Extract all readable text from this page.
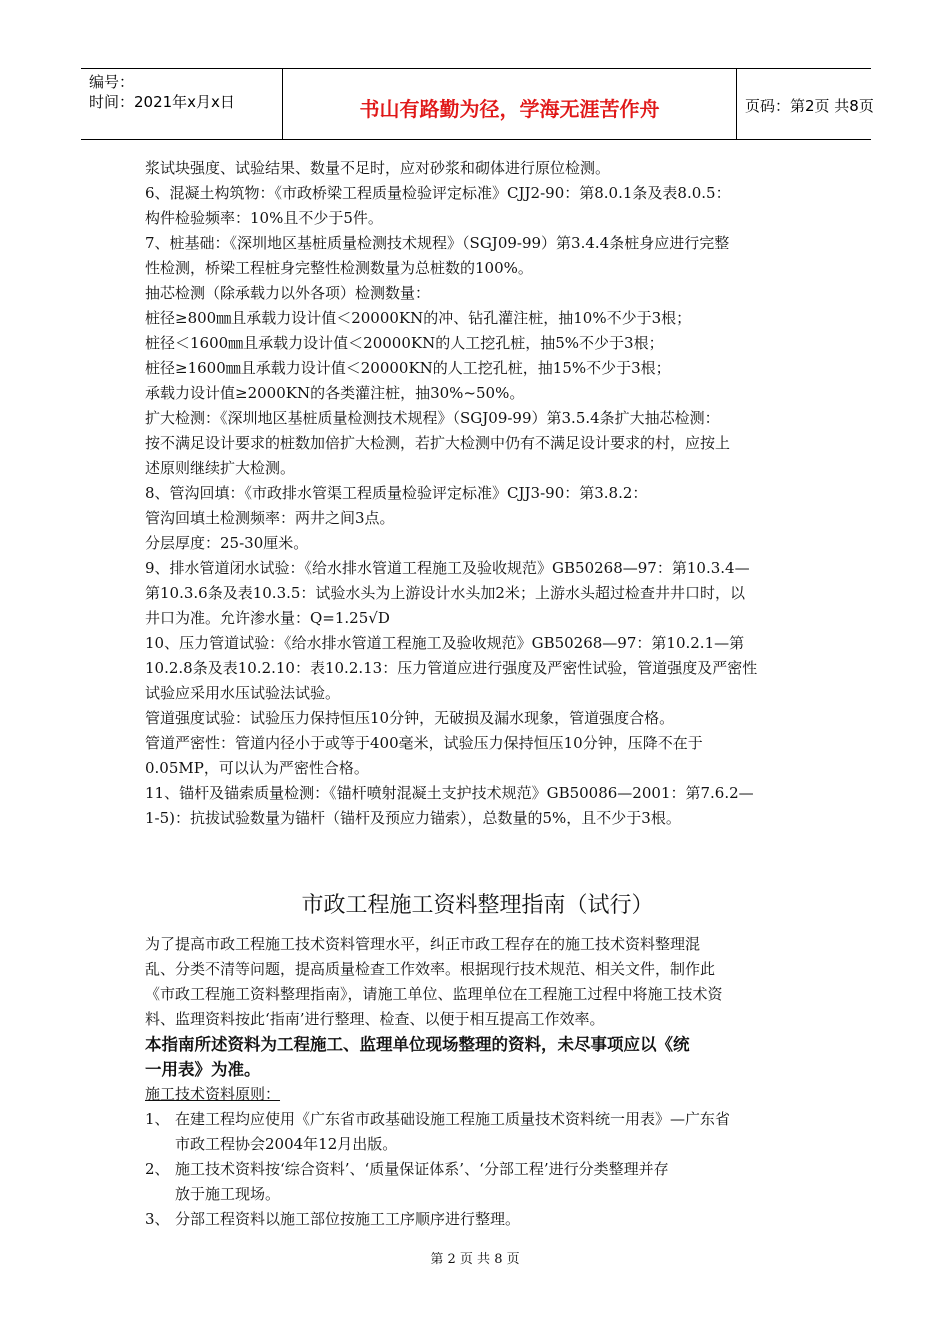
编号：
时间：2021年x月x日	书山有路勤为径，学海无涯苦作舟	页码：第2页 共8页

浆试块强度、试验结果、数量不足时，应对砂浆和砌体进行原位检测。

6、混凝土构筑物：《市政桥梁工程质量检验评定标准》CJJ2-90：第8.0.1条及表8.0.5：

构件检验频率：10%且不少于5件。

7、桩基础：《深圳地区基桩质量检测技术规程》（SGJ09-99）第3.4.4条桩身应进行完整

性检测，桥梁工程桩身完整性检测数量为总桩数的100%。

抽芯检测（除承载力以外各项）检测数量：

桩径≥800㎜且承载力设计值＜20000KN的冲、钻孔灌注桩，抽10%不少于3根；

桩径＜1600㎜且承载力设计值＜20000KN的人工挖孔桩，抽5%不少于3根；

桩径≥1600㎜且承载力设计值＜20000KN的人工挖孔桩，抽15%不少于3根；

承载力设计值≥2000KN的各类灌注桩，抽30%~50%。

扩大检测：《深圳地区基桩质量检测技术规程》（SGJ09-99）第3.5.4条扩大抽芯检测：

按不满足设计要求的桩数加倍扩大检测，若扩大检测中仍有不满足设计要求的村，应按上

述原则继续扩大检测。

8、管沟回填：《市政排水管渠工程质量检验评定标准》CJJ3-90：第3.8.2：

管沟回填土检测频率：两井之间3点。

分层厚度：25-30厘米。

9、排水管道闭水试验：《给水排水管道工程施工及验收规范》GB50268—97：第10.3.4—

第10.3.6条及表10.3.5：试验水头为上游设计水头加2米；上游水头超过检查井井口时，以

井口为准。允许渗水量：Q=1.25√D

10、压力管道试验：《给水排水管道工程施工及验收规范》GB50268—97：第10.2.1—第

10.2.8条及表10.2.10：表10.2.13：压力管道应进行强度及严密性试验，管道强度及严密性

试验应采用水压试验法试验。

管道强度试验：试验压力保持恒压10分钟，无破损及漏水现象，管道强度合格。

管道严密性：管道内径小于或等于400毫米，试验压力保持恒压10分钟，压降不在于

0.05MP，可以认为严密性合格。

11、锚杆及锚索质量检测：《锚杆喷射混凝土支护技术规范》GB50086—2001：第7.6.2—

1-5)：抗拔试验数量为锚杆（锚杆及预应力锚索），总数量的5%，且不少于3根。

市政工程施工资料整理指南（试行）

为了提高市政工程施工技术资料管理水平，纠正市政工程存在的施工技术资料整理混

乱、分类不清等问题，提高质量检查工作效率。根据现行技术规范、相关文件，制作此

《市政工程施工资料整理指南》，请施工单位、监理单位在工程施工过程中将施工技术资

料、监理资料按此‘指南’进行整理、检查、以便于相互提高工作效率。

本指南所述资料为工程施工、监理单位现场整理的资料，未尽事项应以《统

一用表》为准。

施工技术资料原则：

1、 在建工程均应使用《广东省市政基础设施工程施工质量技术资料统一用表》—广东省

市政工程协会2004年12月出版。

2、 施工技术资料按‘综合资料’、‘质量保证体系’、‘分部工程’进行分类整理并存

放于施工现场。

3、 分部工程资料以施工部位按施工工序顺序进行整理。

第 2 页 共 8 页
